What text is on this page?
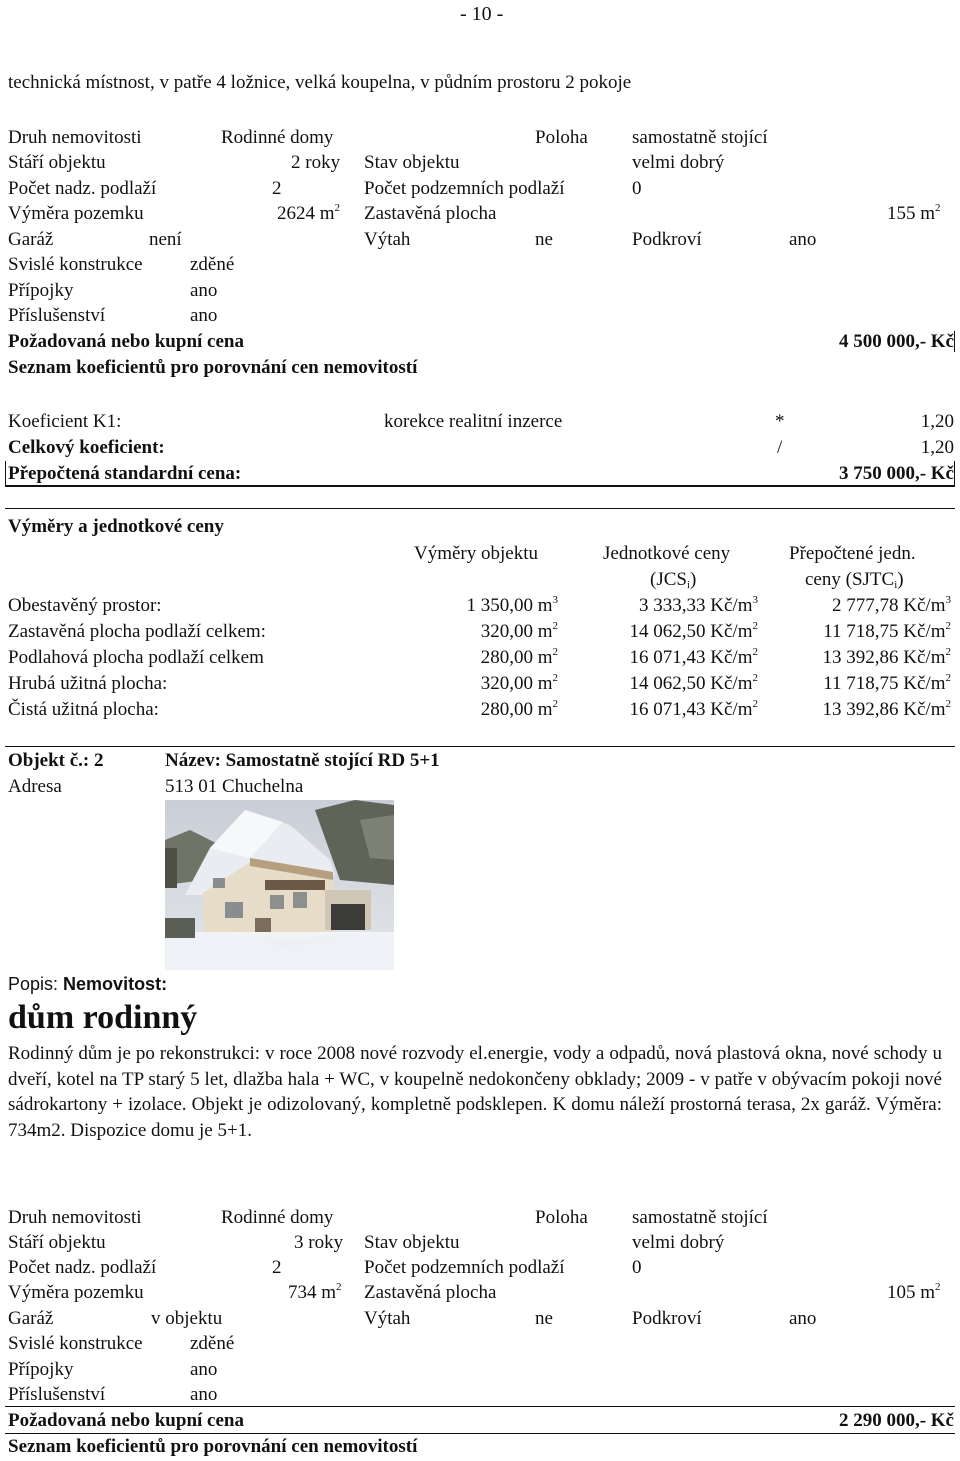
- 10 -
technická místnost, v patře 4 ložnice, velká koupelna, v půdním prostoru 2 pokoje
Druh nemovitosti	Rodinné domy	Poloha samostatně stojící
Stáří objektu	2 roky Stav objektu	velmi dobrý
Počet nadz. podlaží	2	Počet podzemních podlaží	0
Výměra pozemku	2624 $m^2$ Zastavěná plocha	155 $m^2$
Garáž	není	Výtah	ne	Podkroví	ano
Svislé konstrukce zděné
Přípojky	ano
Příslušenství	ano
Požadovaná nebo kupní cena	4 500 000,- Kč
Seznam koeficientů pro porovnání cen nemovitostí
Koeficient K1:	korekce realitní inzerce	*	1,20
Celkový koeficient:	/	1,20
Přepočtená standardní cena:	3 750 000,- Kč
Výměry a jednotkové ceny
Výměry objektu	Jednotkové ceny
$(JCS_i)$
Přepočtené jedn.
ceny $(SJTC_i)$
Obestavěný prostor:	1 350,00 $m^3$	3 333,33 $Kč/m^3$	2 777,78 $Kč/m^3$
Zastavěná plocha podlaží celkem:	320,00 $m^2$	14 062,50 $Kč/m^2$	11 718,75 $Kč/m^2$
Podlahová plocha podlaží celkem	280,00 $m^2$	16 071,43 $Kč/m^2$	13 392,86 $Kč/m^2$
Hrubá užitná plocha:	320,00 $m^2$	14 062,50 $Kč/m^2$	11 718,75 $Kč/m^2$
Čistá užitná plocha:	280,00 $m^2$	16 071,43 $Kč/m^2$	13 392,86 $Kč/m^2$
Objekt č.: 2	Název: Samostatně stojící RD 5+1
Adresa	513 01 Chuchelna
Popis: Nemovitost:
dům rodinný
Rodinný dům je po rekonstrukci: v roce 2008 nové rozvody el.energie, vody a odpadů, nová plastová okna, nové schody u dveří, kotel na TP starý 5 let, dlažba hala + WC, v koupelně nedokončeny obklady; 2009 - v patře v obývacím pokoji nové sádrokartony + izolace. Objekt je odizolovaný, kompletně podsklepen. K domu náleží prostorná terasa, 2x garáž. Výměra: 734m2. Dispozice domu je 5+1.
Druh nemovitosti	Rodinné domy	Poloha samostatně stojící
Stáří objektu	3 roky Stav objektu	velmi dobrý
Počet nadz. podlaží	2	Počet podzemních podlaží	0
Výměra pozemku	734 $m^2$ Zastavěná plocha	105 $m^2$
Garáž	v objektu	Výtah	ne	Podkroví	ano
Svislé konstrukce zděné
Přípojky	ano
Příslušenství	ano
Požadovaná nebo kupní cena	2 290 000,- Kč
Seznam koeficientů pro porovnání cen nemovitostí
